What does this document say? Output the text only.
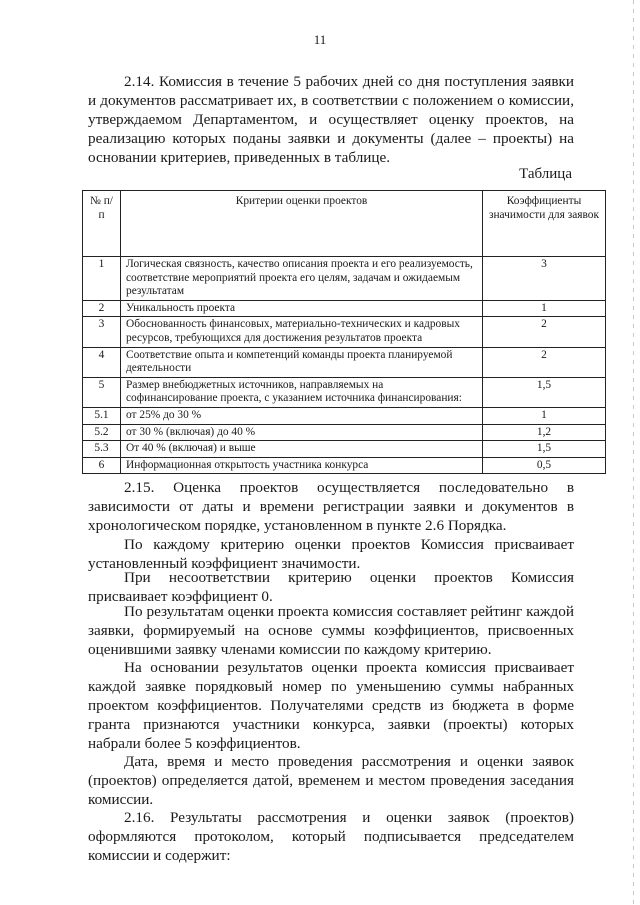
11

2.14. Комиссия в течение 5 рабочих дней со дня поступления заявки и документов рассматривает их, в соответствии с положением о комиссии, утверждаемом Департаментом, и осуществляет оценку проектов, на реализацию которых поданы заявки и документы (далее – проекты) на основании критериев, приведенных в таблице.

Таблица
№ п/п	Критерии оценки проектов	Коэффициенты значимости для заявок
1	Логическая связность, качество описания проекта и его реализуемость, соответствие мероприятий проекта его целям, задачам и ожидаемым результатам	3
2	Уникальность проекта	1
3	Обоснованность финансовых, материально-технических и кадровых ресурсов, требующихся для достижения результатов проекта	2
4	Соответствие опыта и компетенций команды проекта планируемой деятельности	2
5	Размер внебюджетных источников, направляемых на софинансирование проекта, с указанием источника финансирования:	1,5
5.1	от 25% до 30 %	1
5.2	от 30 % (включая) до 40 %	1,2
5.3	От 40 % (включая) и выше	1,5
6	Информационная открытость участника конкурса	0,5

2.15. Оценка проектов осуществляется последовательно в зависимости от даты и времени регистрации заявки и документов в хронологическом порядке, установленном в пункте 2.6 Порядка.

По каждому критерию оценки проектов Комиссия присваивает установленный коэффициент значимости.

При несоответствии критерию оценки проектов Комиссия присваивает коэффициент 0.

По результатам оценки проекта комиссия составляет рейтинг каждой заявки, формируемый на основе суммы коэффициентов, присвоенных оценившими заявку членами комиссии по каждому критерию.

На основании результатов оценки проекта комиссия присваивает каждой заявке порядковый номер по уменьшению суммы набранных проектом коэффициентов. Получателями средств из бюджета в форме гранта признаются участники конкурса, заявки (проекты) которых набрали более 5 коэффициентов.

Дата, время и место проведения рассмотрения и оценки заявок (проектов) определяется датой, временем и местом проведения заседания комиссии.

2.16. Результаты рассмотрения и оценки заявок (проектов) оформляются протоколом, который подписывается председателем комиссии и содержит:
